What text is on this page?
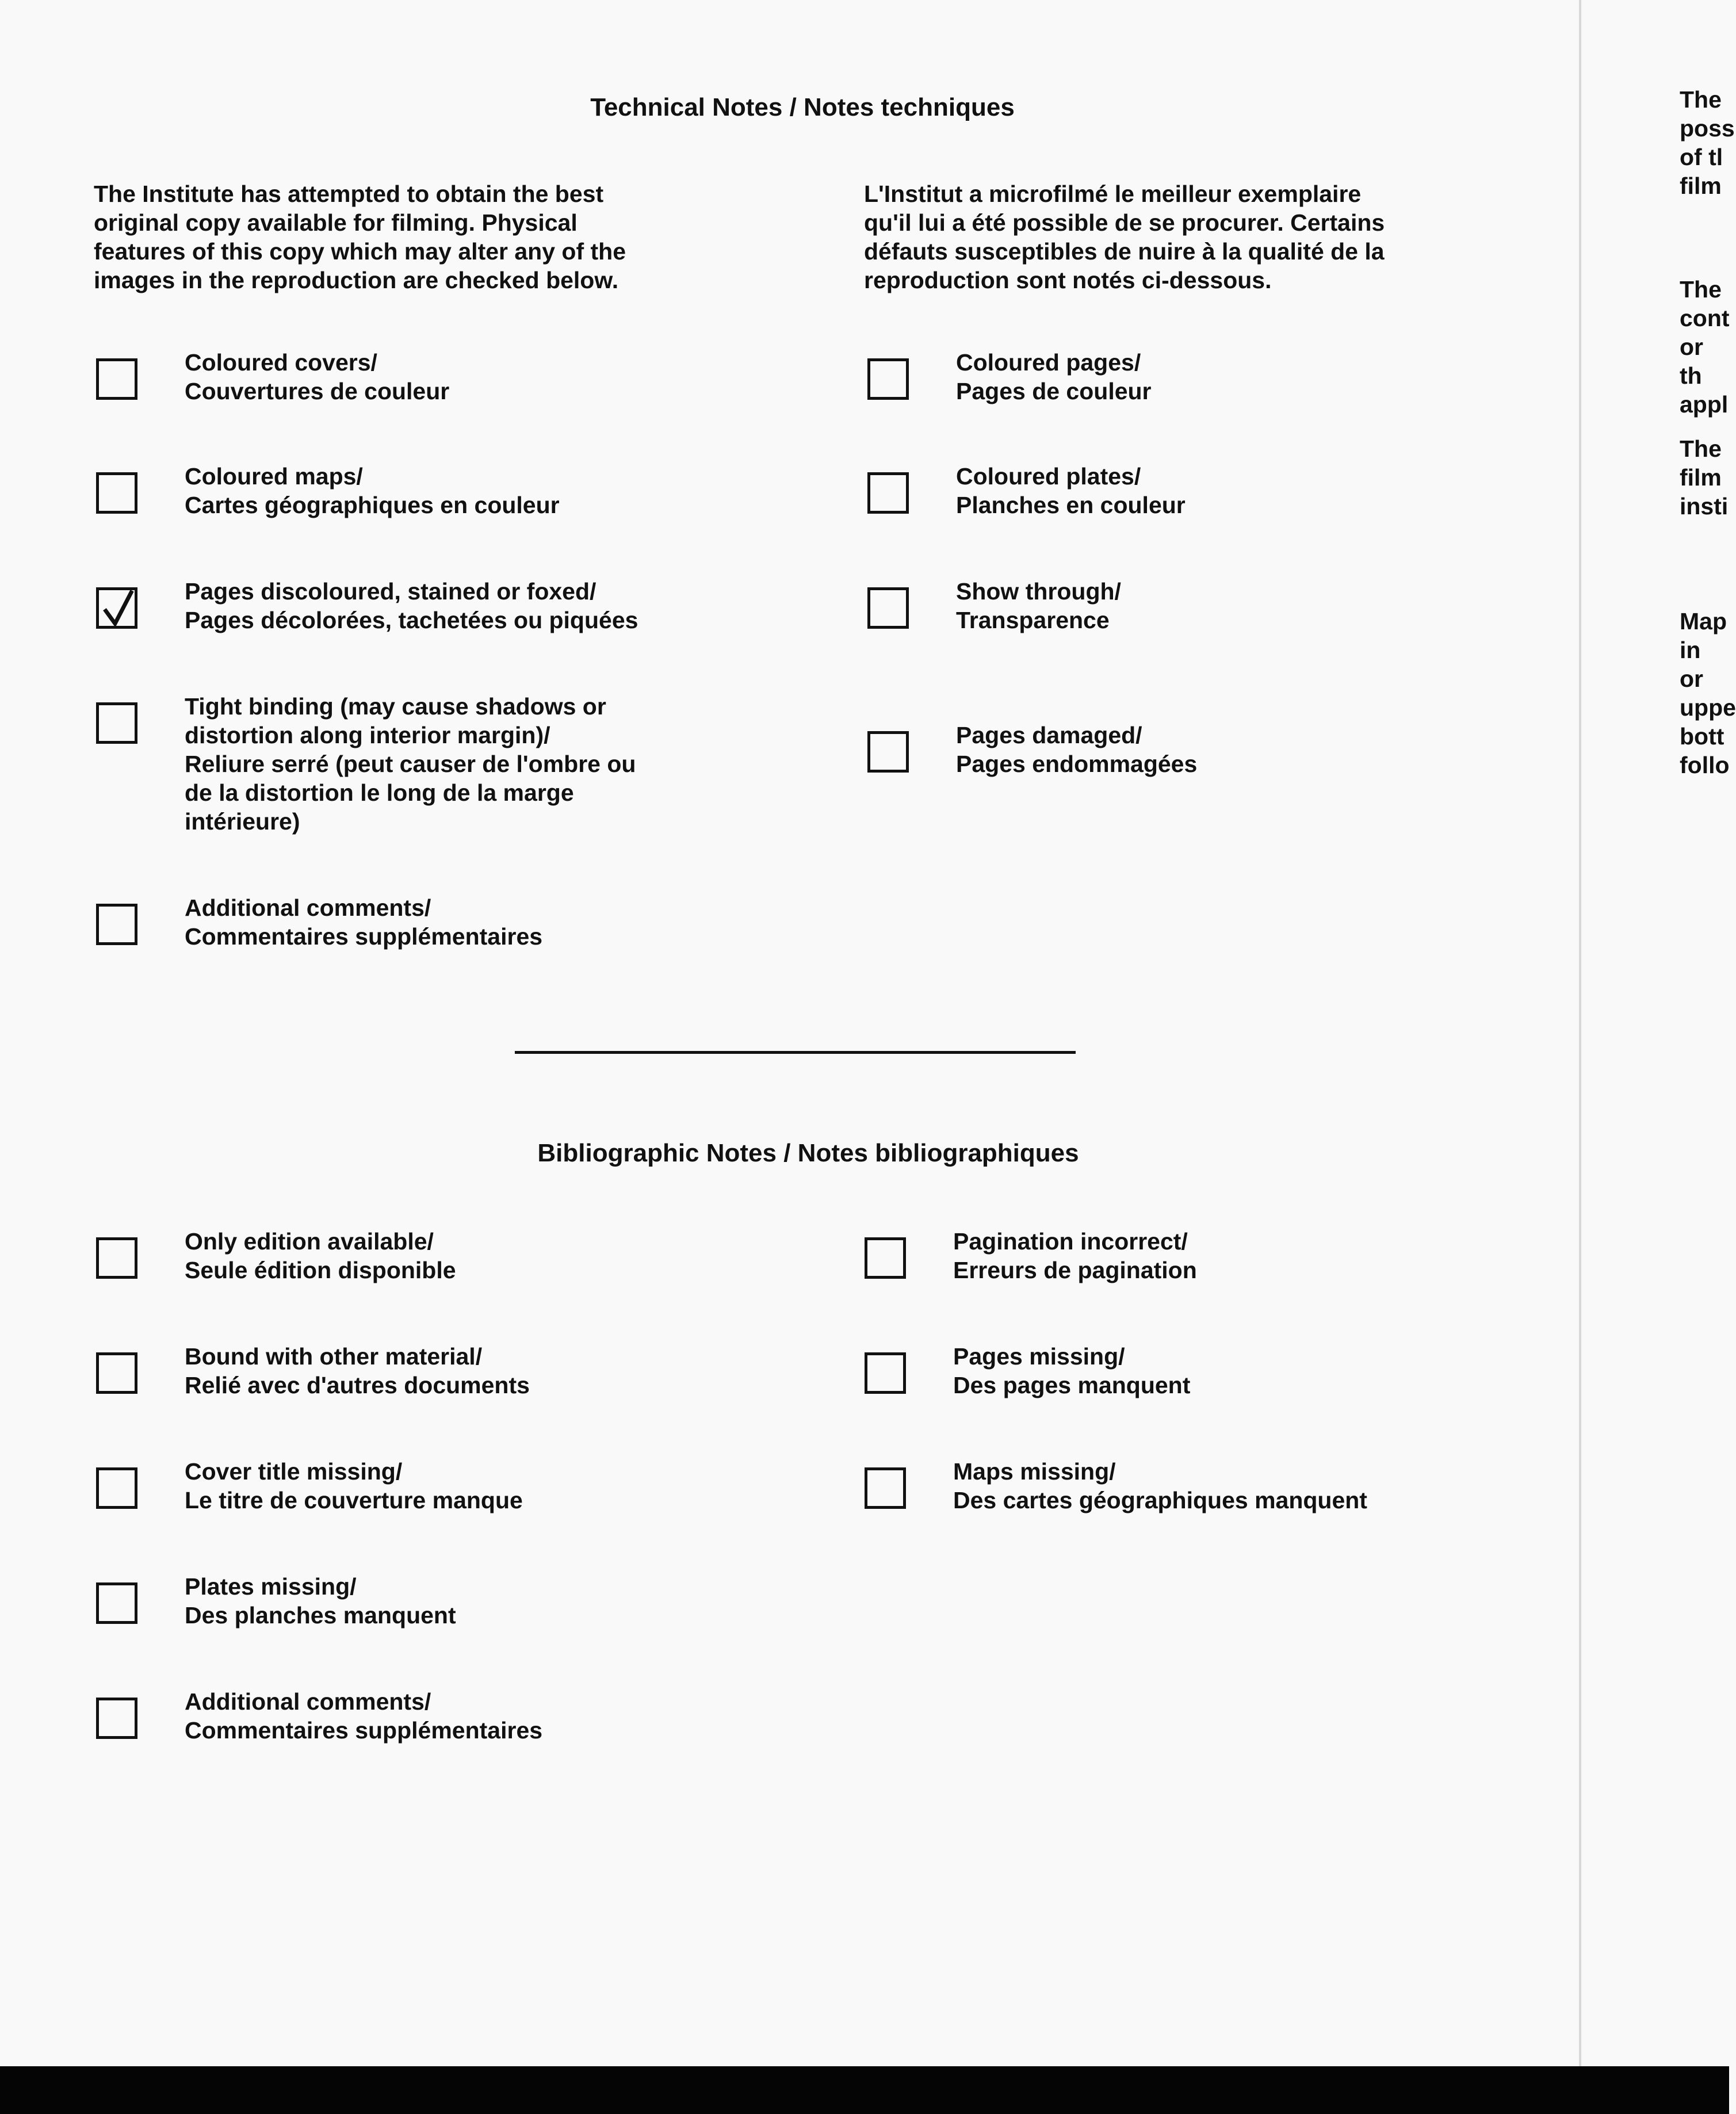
Technical Notes / Notes techniques

The Institute has attempted to obtain the best
original copy available for filming. Physical
features of this copy which may alter any of the
images in the reproduction are checked below.

L'Institut a microfilmé le meilleur exemplaire
qu'il lui a été possible de se procurer. Certains
défauts susceptibles de nuire à la qualité de la
reproduction sont notés ci-dessous.

Coloured covers/
Couvertures de couleur
Coloured maps/
Cartes géographiques en couleur
Pages discoloured, stained or foxed/
Pages décolorées, tachetées ou piquées
Tight binding (may cause shadows or
distortion along interior margin)/
Reliure serré (peut causer de l'ombre ou
de la distortion le long de la marge
intérieure)
Additional comments/
Commentaires supplémentaires
Coloured pages/
Pages de couleur
Coloured plates/
Planches en couleur
Show through/
Transparence
Pages damaged/
Pages endommagées
Bibliographic Notes / Notes bibliographiques
Only edition available/
Seule édition disponible
Bound with other material/
Relié avec d'autres documents
Cover title missing/
Le titre de couverture manque
Plates missing/
Des planches manquent
Additional comments/
Commentaires supplémentaires
Pagination incorrect/
Erreurs de pagination
Pages missing/
Des pages manquent
Maps missing/
Des cartes géographiques manquent
The
poss
of tl
film
The
cont
or th
appl
The
film
insti
Map
in or
uppe
bott
follo
